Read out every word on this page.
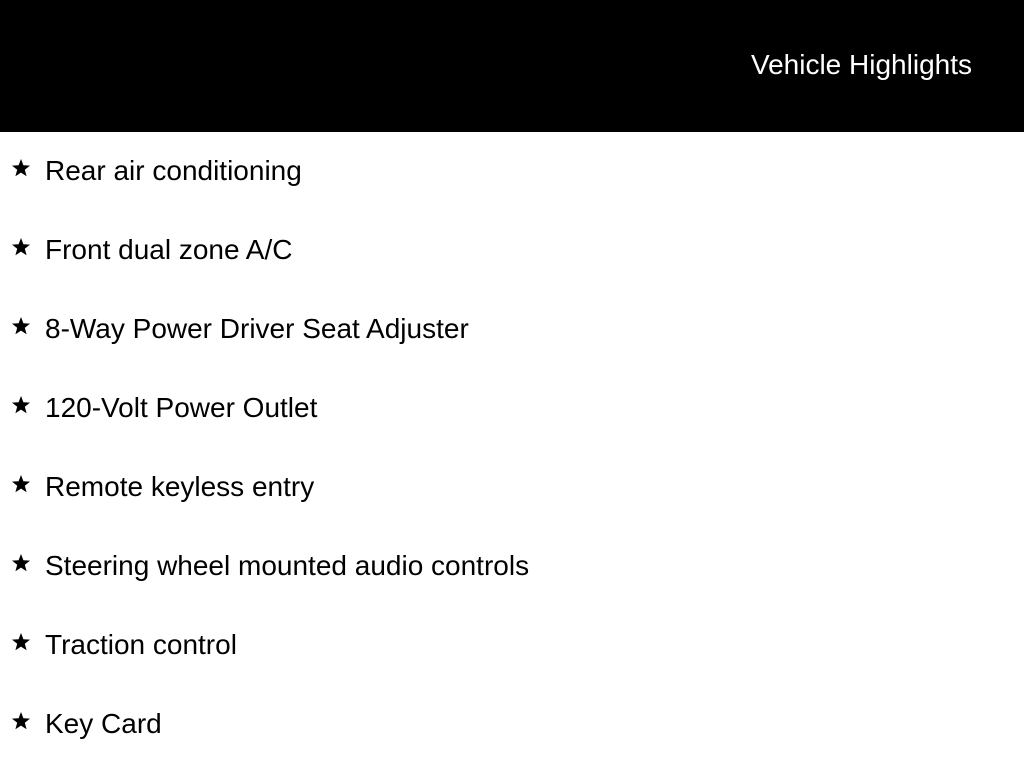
Vehicle Highlights
Rear air conditioning
Front dual zone A/C
8-Way Power Driver Seat Adjuster
120-Volt Power Outlet
Remote keyless entry
Steering wheel mounted audio controls
Traction control
Key Card
